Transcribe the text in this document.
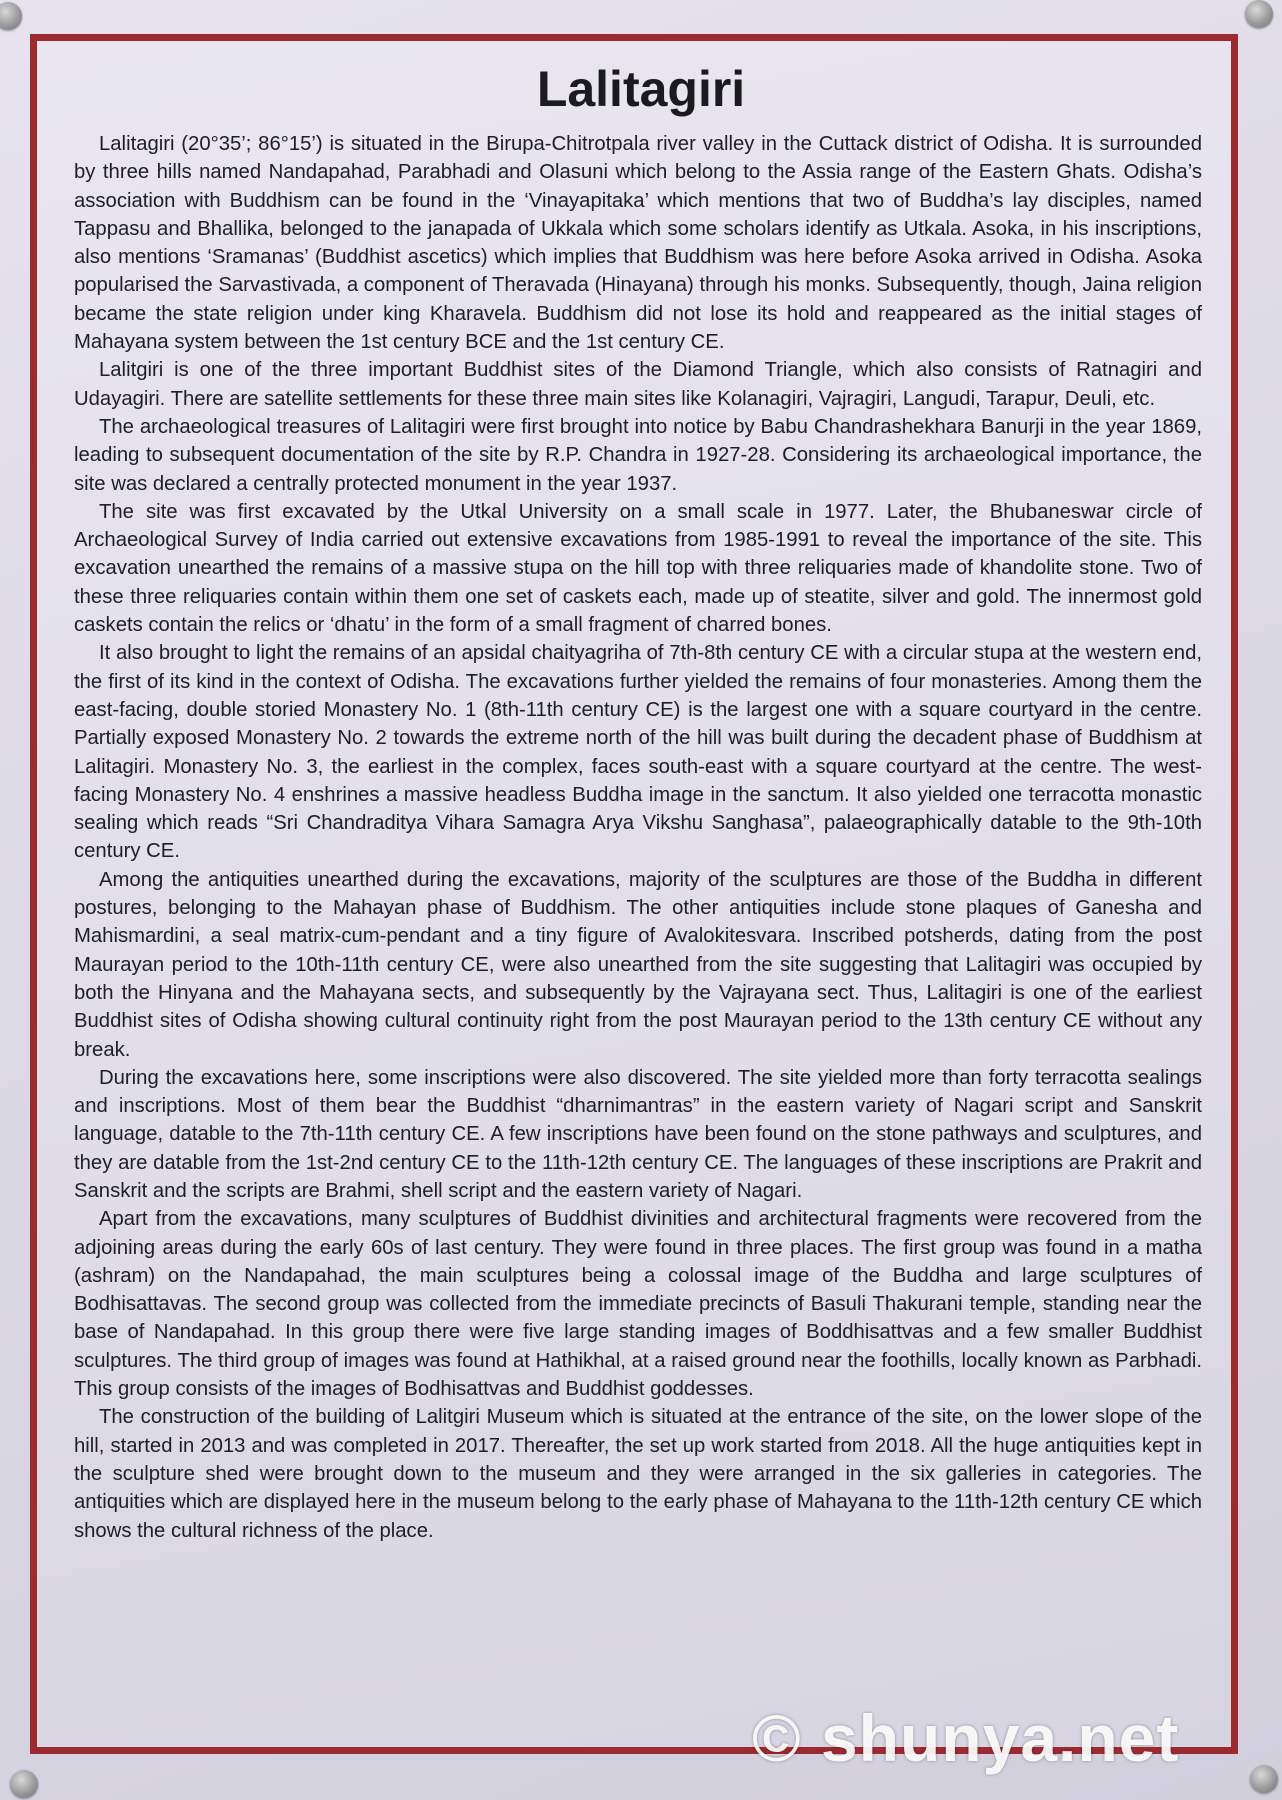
Lalitagiri

Lalitagiri (20°35’; 86°15’) is situated in the Birupa-Chitrotpala river valley in the Cuttack district of Odisha. It is surrounded by three hills named Nandapahad, Parabhadi and Olasuni which belong to the Assia range of the Eastern Ghats. Odisha’s association with Buddhism can be found in the ‘Vinayapitaka’ which mentions that two of Buddha’s lay disciples, named Tappasu and Bhallika, belonged to the janapada of Ukkala which some scholars identify as Utkala. Asoka, in his inscriptions, also mentions ‘Sramanas’ (Buddhist ascetics) which implies that Buddhism was here before Asoka arrived in Odisha. Asoka popularised the Sarvastivada, a component of Theravada (Hinayana) through his monks. Subsequently, though, Jaina religion became the state religion under king Kharavela. Buddhism did not lose its hold and reappeared as the initial stages of Mahayana system between the 1st century BCE and the 1st century CE.

Lalitgiri is one of the three important Buddhist sites of the Diamond Triangle, which also consists of Ratnagiri and Udayagiri. There are satellite settlements for these three main sites like Kolanagiri, Vajragiri, Langudi, Tarapur, Deuli, etc.

The archaeological treasures of Lalitagiri were first brought into notice by Babu Chandrashekhara Banurji in the year 1869, leading to subsequent documentation of the site by R.P. Chandra in 1927-28. Considering its archaeological importance, the site was declared a centrally protected monument in the year 1937.

The site was first excavated by the Utkal University on a small scale in 1977. Later, the Bhubaneswar circle of Archaeological Survey of India carried out extensive excavations from 1985-1991 to reveal the importance of the site. This excavation unearthed the remains of a massive stupa on the hill top with three reliquaries made of khandolite stone. Two of these three reliquaries contain within them one set of caskets each, made up of steatite, silver and gold. The innermost gold caskets contain the relics or ‘dhatu’ in the form of a small fragment of charred bones.

It also brought to light the remains of an apsidal chaityagriha of 7th-8th century CE with a circular stupa at the western end, the first of its kind in the context of Odisha. The excavations further yielded the remains of four monasteries. Among them the east-facing, double storied Monastery No. 1 (8th-11th century CE) is the largest one with a square courtyard in the centre. Partially exposed Monastery No. 2 towards the extreme north of the hill was built during the decadent phase of Buddhism at Lalitagiri. Monastery No. 3, the earliest in the complex, faces south-east with a square courtyard at the centre. The west-facing Monastery No. 4 enshrines a massive headless Buddha image in the sanctum. It also yielded one terracotta monastic sealing which reads “Sri Chandraditya Vihara Samagra Arya Vikshu Sanghasa”, palaeographically datable to the 9th-10th century CE.

Among the antiquities unearthed during the excavations, majority of the sculptures are those of the Buddha in different postures, belonging to the Mahayan phase of Buddhism. The other antiquities include stone plaques of Ganesha and Mahismardini, a seal matrix-cum-pendant and a tiny figure of Avalokitesvara. Inscribed potsherds, dating from the post Maurayan period to the 10th-11th century CE, were also unearthed from the site suggesting that Lalitagiri was occupied by both the Hinyana and the Mahayana sects, and subsequently by the Vajrayana sect. Thus, Lalitagiri is one of the earliest Buddhist sites of Odisha showing cultural continuity right from the post Maurayan period to the 13th century CE without any break.

During the excavations here, some inscriptions were also discovered. The site yielded more than forty terracotta sealings and inscriptions. Most of them bear the Buddhist “dharnimantras” in the eastern variety of Nagari script and Sanskrit language, datable to the 7th-11th century CE. A few inscriptions have been found on the stone pathways and sculptures, and they are datable from the 1st-2nd century CE to the 11th-12th century CE. The languages of these inscriptions are Prakrit and Sanskrit and the scripts are Brahmi, shell script and the eastern variety of Nagari.

Apart from the excavations, many sculptures of Buddhist divinities and architectural fragments were recovered from the adjoining areas during the early 60s of last century. They were found in three places. The first group was found in a matha (ashram) on the Nandapahad, the main sculptures being a colossal image of the Buddha and large sculptures of Bodhisattavas. The second group was collected from the immediate precincts of Basuli Thakurani temple, standing near the base of Nandapahad. In this group there were five large standing images of Boddhisattvas and a few smaller Buddhist sculptures. The third group of images was found at Hathikhal, at a raised ground near the foothills, locally known as Parbhadi. This group consists of the images of Bodhisattvas and Buddhist goddesses.

The construction of the building of Lalitgiri Museum which is situated at the entrance of the site, on the lower slope of the hill, started in 2013 and was completed in 2017. Thereafter, the set up work started from 2018. All the huge antiquities kept in the sculpture shed were brought down to the museum and they were arranged in the six galleries in categories. The antiquities which are displayed here in the museum belong to the early phase of Mahayana to the 11th-12th century CE which shows the cultural richness of the place.

© shunya.net
